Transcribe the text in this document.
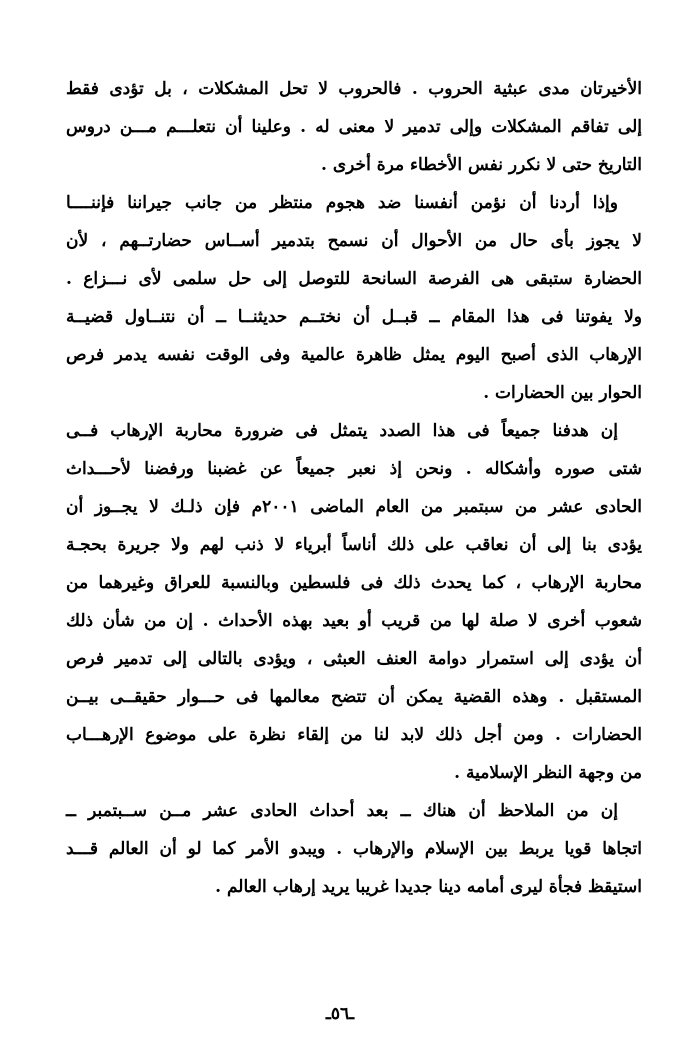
الأخيرتان مدى عبثية الحروب . فالحروب لا تحل المشكلات ، بل تؤدى فقط
إلى تفاقم المشكلات وإلى تدمير لا معنى له . وعلينا أن نتعلـــم مـــن دروس
التاريخ حتى لا نكرر نفس الأخطاء مرة أخرى .
وإذا أردنا أن نؤمن أنفسنا ضد هجوم منتظر من جانب جيراننا فإننــــا
لا يجوز بأى حال من الأحوال أن نسمح بتدمير أســاس حضارتــهم ، لأن
الحضارة ستبقى هى الفرصة السانحة للتوصل إلى حل سلمى لأى نـــزاع .
ولا يفوتنا فى هذا المقام ــ قبــل أن نختــم حديثنــا ــ أن نتنــاول قضيــة
الإرهاب الذى أصبح اليوم يمثل ظاهرة عالمية وفى الوقت نفسه يدمر فرص
الحوار بين الحضارات .
إن هدفنا جميعاً فى هذا الصدد يتمثل فى ضرورة محاربة الإرهاب فــى
شتى صوره وأشكاله . ونحن إذ نعبر جميعاً عن غضبنا ورفضنا لأحـــداث
الحادى عشر من سبتمبر من العام الماضى ٢٠٠١م فإن ذلـك لا يجــوز أن
يؤدى بنا إلى أن نعاقب على ذلك أناساً أبرياء لا ذنب لهم ولا جريرة بحجـة
محاربة الإرهاب ، كما يحدث ذلك فى فلسطين وبالنسبة للعراق وغيرهما من
شعوب أخرى لا صلة لها من قريب أو بعيد بهذه الأحداث . إن من شأن ذلك
أن يؤدى إلى استمرار دوامة العنف العبثى ، ويؤدى بالتالى إلى تدمير فرص
المستقبل . وهذه القضية يمكن أن تتضح معالمها فى حـــوار حقيقــى بيــن
الحضارات . ومن أجل ذلك لابد لنا من إلقاء نظرة على موضوع الإرهـــاب
من وجهة النظر الإسلامية .
إن من الملاحظ أن هناك ــ بعد أحداث الحادى عشر مــن ســبتمبر ــ
اتجاها قويا يربط بين الإسلام والإرهاب . ويبدو الأمر كما لو أن العالم قـــد
استيقظ فجأة ليرى أمامه دينا جديدا غريبا يريد إرهاب العالم .
ـ٥٦ـ
